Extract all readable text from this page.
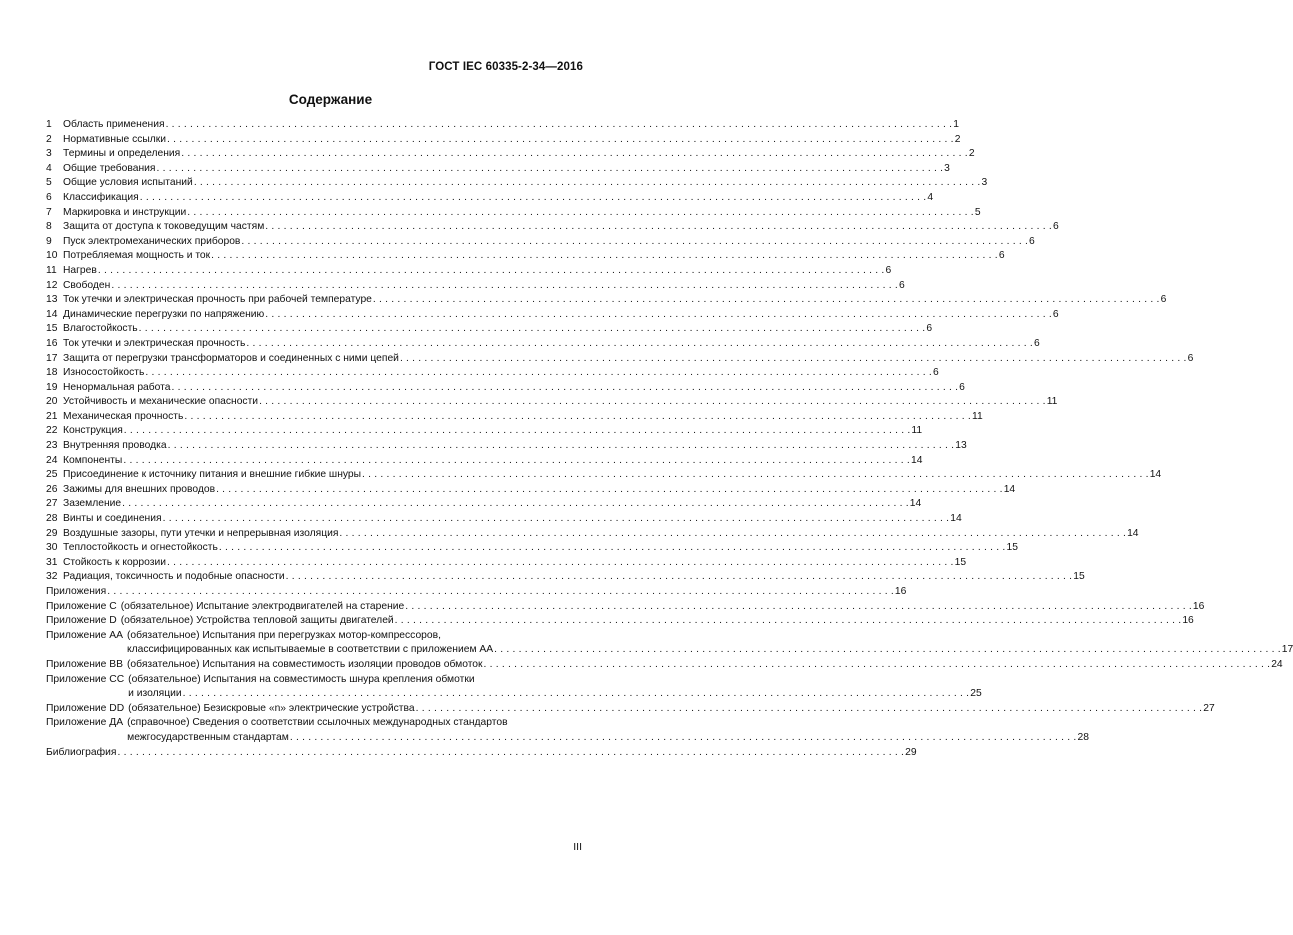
ГОСТ IEC 60335-2-34—2016
Содержание
1	Область применения . . .	1
2	Нормативные ссылки . . .	2
3	Термины и определения . . .	2
4	Общие требования . . .	3
5	Общие условия испытаний . . .	3
6	Классификация . . .	4
7	Маркировка и инструкции . . .	5
8	Защита от доступа к токоведущим частям . . .	6
9	Пуск электромеханических приборов . . .	6
10 Потребляемая мощность и ток . . .	6
11 Нагрев . . .	6
12 Свободен . . .	6
13 Ток утечки и электрическая прочность при рабочей температуре . . .	6
14 Динамические перегрузки по напряжению . . .	6
15 Влагостойкость . . .	6
16 Ток утечки и электрическая прочность . . .	6
17 Защита от перегрузки трансформаторов и соединенных с ними цепей . . .	6
18 Износостойкость . . .	6
19 Ненормальная работа . . .	6
20 Устойчивость и механические опасности . . .	11
21 Механическая прочность . . .	11
22 Конструкция . . .	11
23 Внутренняя проводка . . .	13
24 Компоненты . . .	14
25 Присоединение к источнику питания и внешние гибкие шнуры . . .	14
26 Зажимы для внешних проводов . . .	14
27 Заземление . . .	14
28 Винты и соединения . . .	14
29 Воздушные зазоры, пути утечки и непрерывная изоляция . . .	14
30 Теплостойкость и огнестойкость . . .	15
31 Стойкость к коррозии . . .	15
32 Радиация, токсичность и подобные опасности . . .	15
Приложения . . .	16
Приложение C (обязательное) Испытание электродвигателей на старение . . .	16
Приложение D (обязательное) Устройства тепловой защиты двигателей . . .	16
Приложение АА (обязательное) Испытания при перегрузках мотор-компрессоров,
классифицированных как испытываемые в соответствии с приложением АА . . .	17
Приложение ВВ (обязательное) Испытания на совместимость изоляции проводов обмоток . . .	24
Приложение СС (обязательное) Испытания на совместимость шнура крепления обмотки
и изоляции . . .	25
Приложение DD (обязательное) Безискровые «n» электрические устройства . . .	27
Приложение ДА (справочное) Сведения о соответствии ссылочных международных стандартов
межгосударственным стандартам . . .	28
Библиография . . .	29
III
